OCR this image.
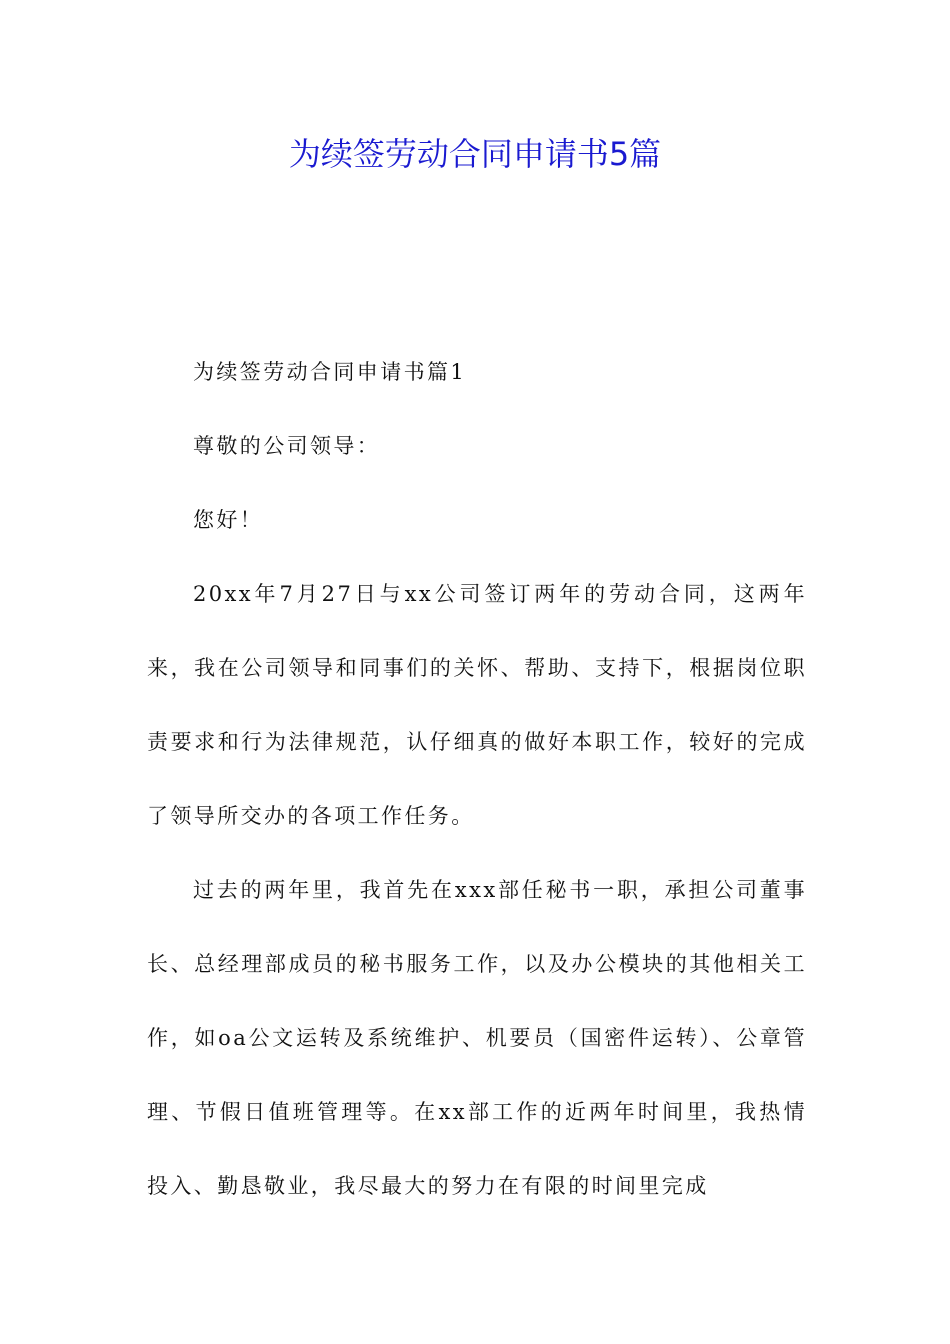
为续签劳动合同申请书5篇

为续签劳动合同申请书篇1

尊敬的公司领导：

您好！

20xx年7月27日与xx公司签订两年的劳动合同，这两年来，我在公司领导和同事们的关怀、帮助、支持下，根据岗位职责要求和行为法律规范，认仔细真的做好本职工作，较好的完成了领导所交办的各项工作任务。

过去的两年里，我首先在xxx部任秘书一职，承担公司董事长、总经理部成员的秘书服务工作，以及办公模块的其他相关工作，如oa公文运转及系统维护、机要员（国密件运转）、公章管理、节假日值班管理等。在xx部工作的近两年时间里，我热情投入、勤恳敬业，我尽最大的努力在有限的时间里完成
